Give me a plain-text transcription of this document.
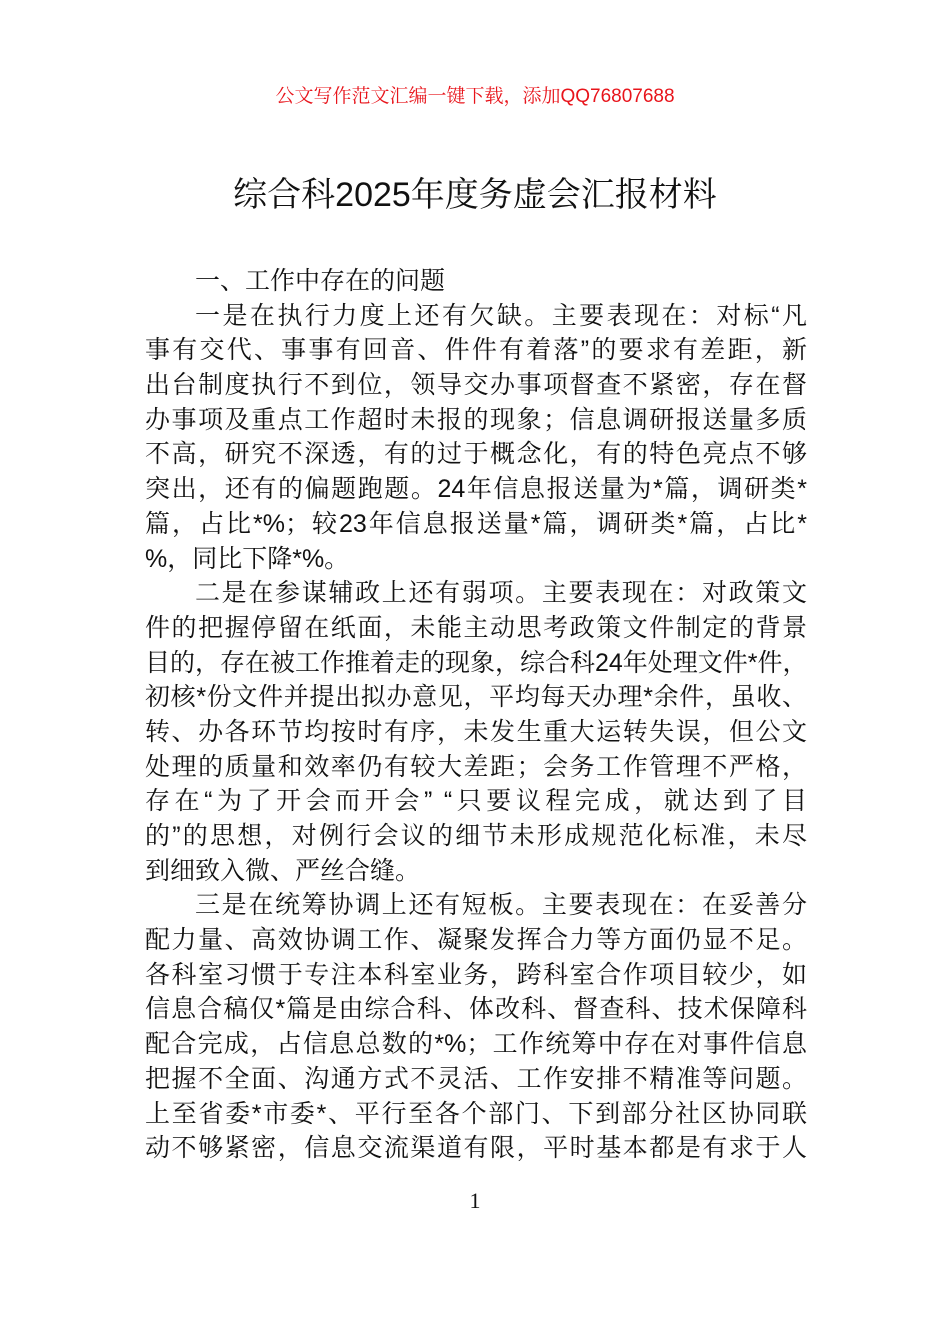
公文写作范文汇编一键下载，添加QQ76807688
综合科2025年度务虚会汇报材料
一、工作中存在的问题
一是在执行力度上还有欠缺。主要表现在：对标“凡
事有交代、事事有回音、件件有着落”的要求有差距，新
出台制度执行不到位，领导交办事项督查不紧密，存在督
办事项及重点工作超时未报的现象；信息调研报送量多质
不高，研究不深透，有的过于概念化，有的特色亮点不够
突出，还有的偏题跑题。24年信息报送量为*篇，调研类*
篇，占比*%；较23年信息报送量*篇，调研类*篇，占比*
%，同比下降*%。
二是在参谋辅政上还有弱项。主要表现在：对政策文
件的把握停留在纸面，未能主动思考政策文件制定的背景
目的，存在被工作推着走的现象，综合科24年处理文件*件，
初核*份文件并提出拟办意见，平均每天办理*余件，虽收、
转、办各环节均按时有序，未发生重大运转失误，但公文
处理的质量和效率仍有较大差距；会务工作管理不严格，
存在“为了开会而开会” “只要议程完成，就达到了目
的”的思想，对例行会议的细节未形成规范化标准，未尽
到细致入微、严丝合缝。
三是在统筹协调上还有短板。主要表现在：在妥善分
配力量、高效协调工作、凝聚发挥合力等方面仍显不足。
各科室习惯于专注本科室业务，跨科室合作项目较少，如
信息合稿仅*篇是由综合科、体改科、督查科、技术保障科
配合完成，占信息总数的*%；工作统筹中存在对事件信息
把握不全面、沟通方式不灵活、工作安排不精准等问题。
上至省委*市委*、平行至各个部门、下到部分社区协同联
动不够紧密，信息交流渠道有限，平时基本都是有求于人
1
